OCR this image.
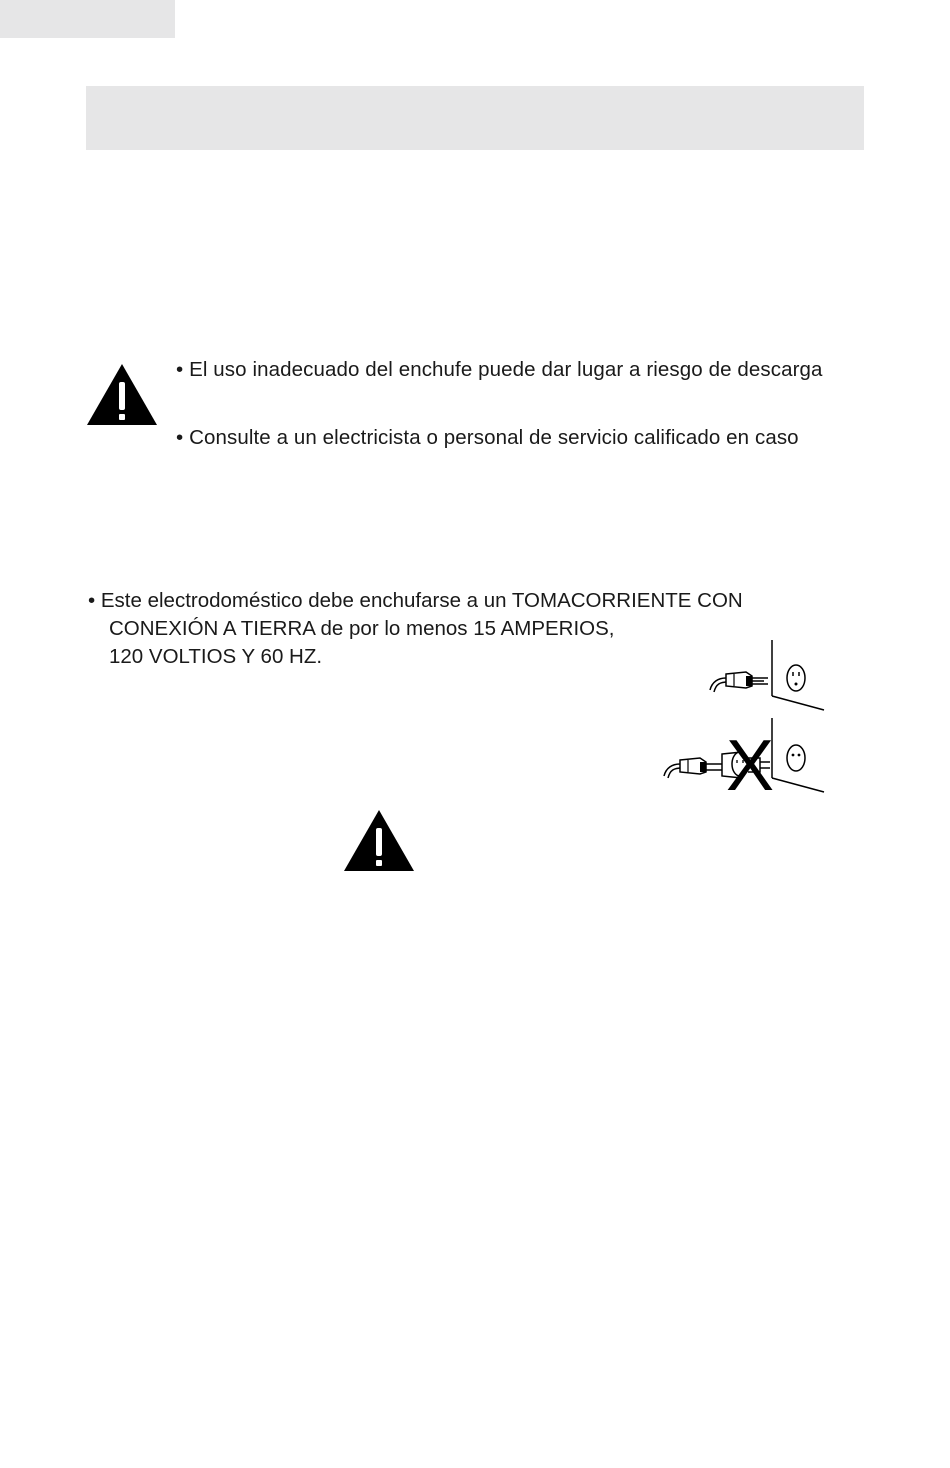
• El uso inadecuado del enchufe puede dar lugar a riesgo de descarga
• Consulte a un electricista o personal de servicio calificado en caso
• Este electrodoméstico debe enchufarse a un TOMACORRIENTE CON
CONEXIÓN A TIERRA de por lo menos 15 AMPERIOS,
120 VOLTIOS Y 60 HZ.
X
